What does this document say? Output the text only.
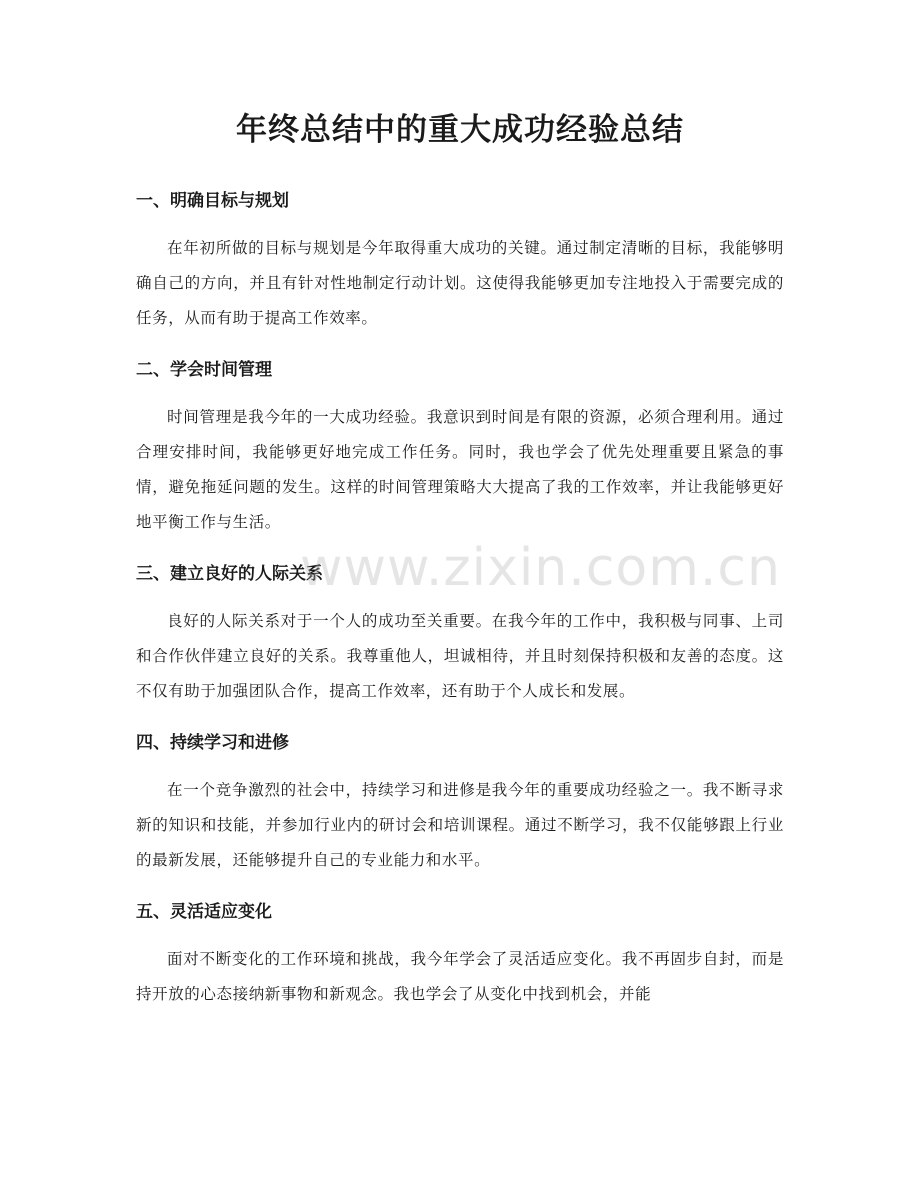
年终总结中的重大成功经验总结
一、明确目标与规划

在年初所做的目标与规划是今年取得重大成功的关键。通过制定清晰的目标，我能够明确自己的方向，并且有针对性地制定行动计划。这使得我能够更加专注地投入于需要完成的任务，从而有助于提高工作效率。

二、学会时间管理

时间管理是我今年的一大成功经验。我意识到时间是有限的资源，必须合理利用。通过合理安排时间，我能够更好地完成工作任务。同时，我也学会了优先处理重要且紧急的事情，避免拖延问题的发生。这样的时间管理策略大大提高了我的工作效率，并让我能够更好地平衡工作与生活。

三、建立良好的人际关系

良好的人际关系对于一个人的成功至关重要。在我今年的工作中，我积极与同事、上司和合作伙伴建立良好的关系。我尊重他人，坦诚相待，并且时刻保持积极和友善的态度。这不仅有助于加强团队合作，提高工作效率，还有助于个人成长和发展。

四、持续学习和进修

在一个竞争激烈的社会中，持续学习和进修是我今年的重要成功经验之一。我不断寻求新的知识和技能，并参加行业内的研讨会和培训课程。通过不断学习，我不仅能够跟上行业的最新发展，还能够提升自己的专业能力和水平。

五、灵活适应变化

面对不断变化的工作环境和挑战，我今年学会了灵活适应变化。我不再固步自封，而是持开放的心态接纳新事物和新观念。我也学会了从变化中找到机会，并能

www.zixin.com.cn
